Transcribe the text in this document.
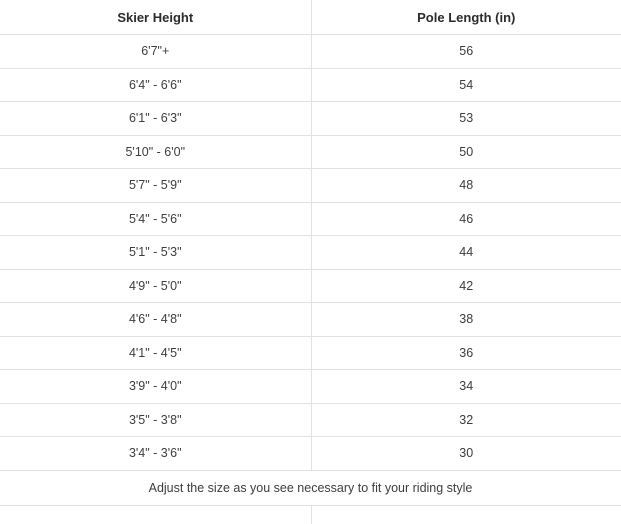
Skier Height	Pole Length (in)
6'7"+	56
6'4" - 6'6"	54
6'1" - 6'3"	53
5'10" - 6'0"	50
5'7" - 5'9"	48
5'4" - 5'6"	46
5'1" - 5'3"	44
4'9" - 5'0"	42
4'6" - 4'8"	38
4'1" - 4'5"	36
3'9" - 4'0"	34
3'5" - 3'8"	32
3'4" - 3'6"	30
Adjust the size as you see necessary to fit your riding style	
